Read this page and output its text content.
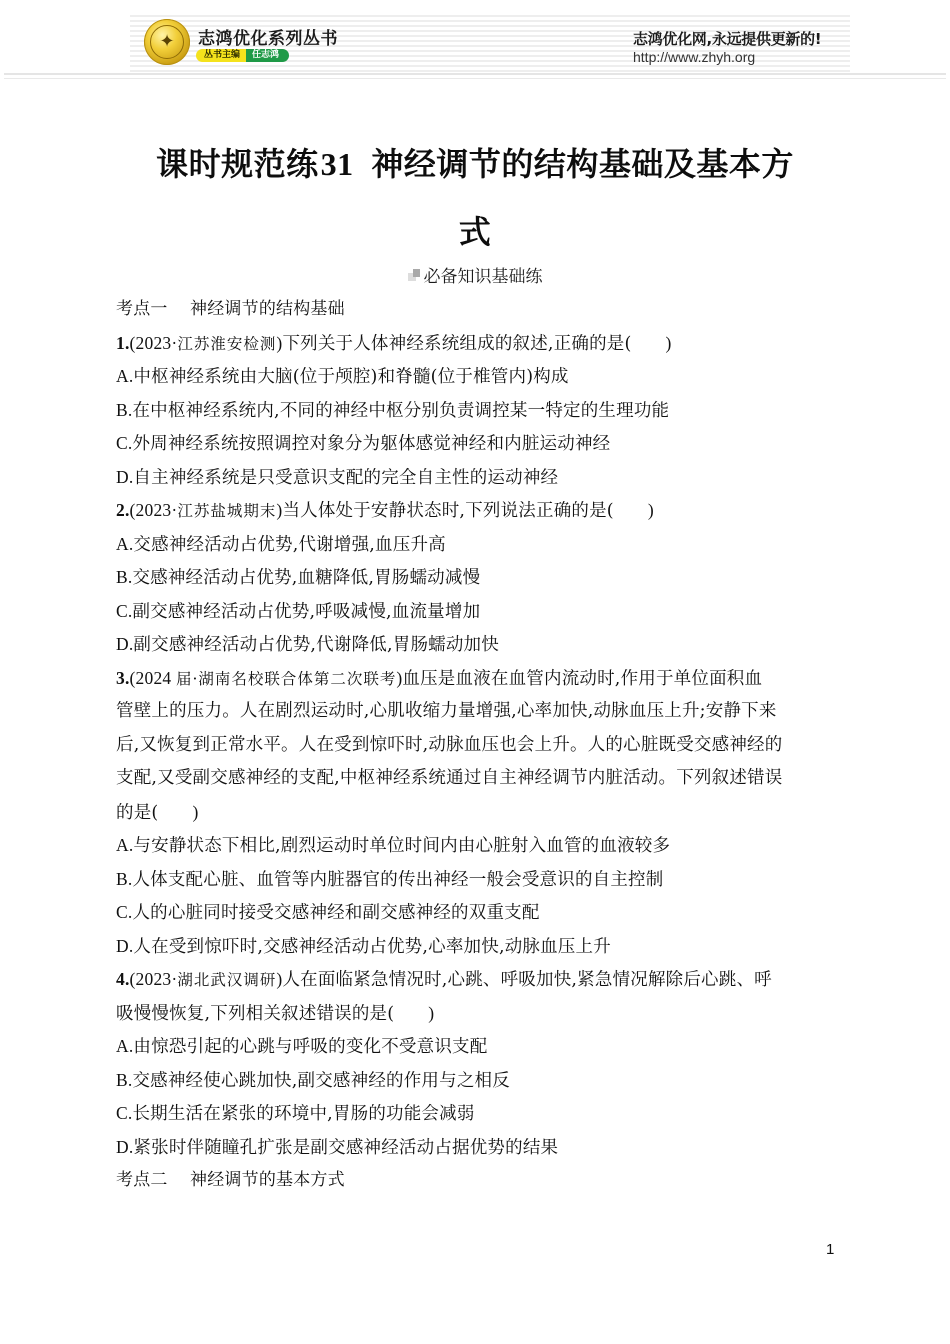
✦	志鸿优化系列丛书
丛书主编	任志鸿
志鸿优化网,永远提供更新的!
http://www.zhyh.org
课时规范练31 神经调节的结构基础及基本方
式
必备知识基础练
考点一 神经调节的结构基础
1.(2023·江苏淮安检测)下列关于人体神经系统组成的叙述,正确的是( )
A.中枢神经系统由大脑(位于颅腔)和脊髓(位于椎管内)构成
B.在中枢神经系统内,不同的神经中枢分别负责调控某一特定的生理功能
C.外周神经系统按照调控对象分为躯体感觉神经和内脏运动神经
D.自主神经系统是只受意识支配的完全自主性的运动神经
2.(2023·江苏盐城期末)当人体处于安静状态时,下列说法正确的是( )
A.交感神经活动占优势,代谢增强,血压升高
B.交感神经活动占优势,血糖降低,胃肠蠕动减慢
C.副交感神经活动占优势,呼吸减慢,血流量增加
D.副交感神经活动占优势,代谢降低,胃肠蠕动加快
3.(2024 届·湖南名校联合体第二次联考)血压是血液在血管内流动时,作用于单位面积血
管壁上的压力。人在剧烈运动时,心肌收缩力量增强,心率加快,动脉血压上升;安静下来
后,又恢复到正常水平。人在受到惊吓时,动脉血压也会上升。人的心脏既受交感神经的
支配,又受副交感神经的支配,中枢神经系统通过自主神经调节内脏活动。下列叙述错误
的是( )
A.与安静状态下相比,剧烈运动时单位时间内由心脏射入血管的血液较多
B.人体支配心脏、血管等内脏器官的传出神经一般会受意识的自主控制
C.人的心脏同时接受交感神经和副交感神经的双重支配
D.人在受到惊吓时,交感神经活动占优势,心率加快,动脉血压上升
4.(2023·湖北武汉调研)人在面临紧急情况时,心跳、呼吸加快,紧急情况解除后心跳、呼
吸慢慢恢复,下列相关叙述错误的是( )
A.由惊恐引起的心跳与呼吸的变化不受意识支配
B.交感神经使心跳加快,副交感神经的作用与之相反
C.长期生活在紧张的环境中,胃肠的功能会减弱
D.紧张时伴随瞳孔扩张是副交感神经活动占据优势的结果
考点二 神经调节的基本方式
1
